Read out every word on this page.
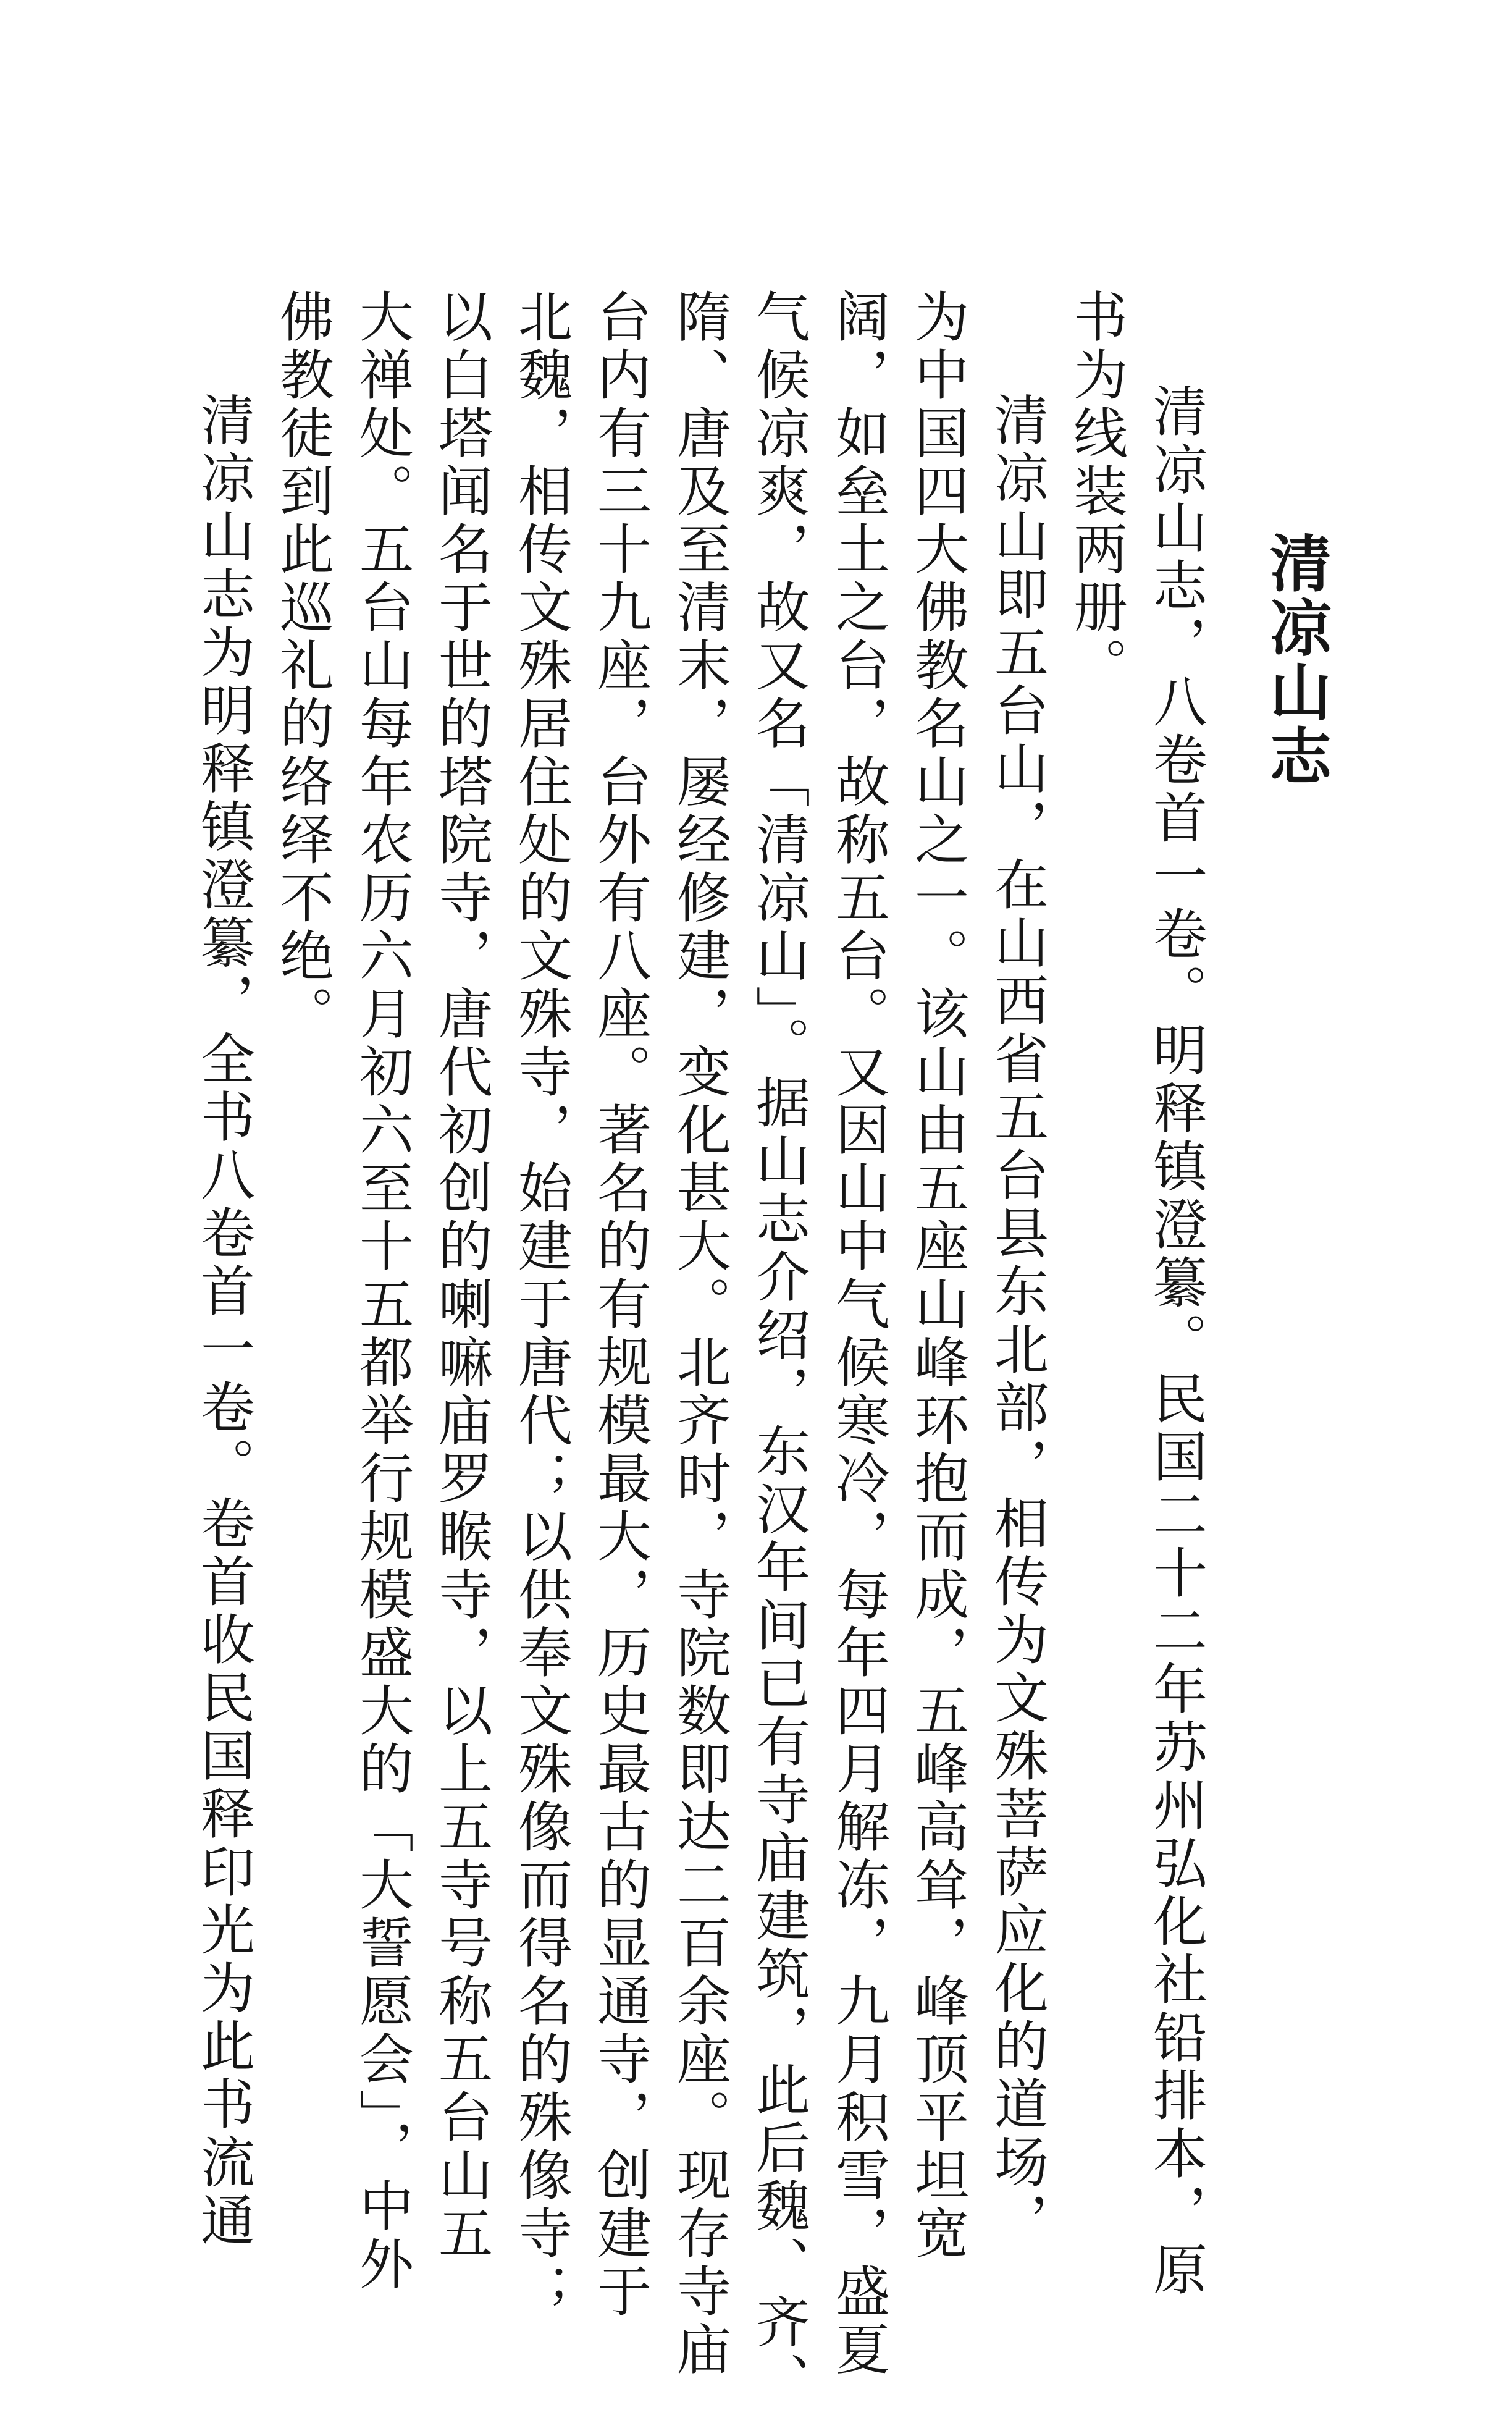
清凉山志

清凉山志，八卷首一卷。明释镇澄纂。民国二十二年苏州弘化社铅排本，原

书为线装两册。

　清凉山即五台山，在山西省五台县东北部，相传为文殊菩萨应化的道场，

为中国四大佛教名山之一。该山由五座山峰环抱而成，五峰高耸，峰顶平坦宽

阔，如垒土之台，故称五台。又因山中气候寒冷，每年四月解冻，九月积雪，盛夏

气候凉爽，故又名「清凉山」。据山志介绍，东汉年间已有寺庙建筑，此后魏、齐、

隋、唐及至清末，屡经修建，变化甚大。北齐时，寺院数即达二百余座。现存寺庙

台内有三十九座，台外有八座。著名的有规模最大，历史最古的显通寺，创建于

北魏，相传文殊居住处的文殊寺，始建于唐代；以供奉文殊像而得名的殊像寺；

以白塔闻名于世的塔院寺，唐代初创的喇嘛庙罗睺寺，以上五寺号称五台山五

大禅处。五台山每年农历六月初六至十五都举行规模盛大的「大誓愿会」，中外

佛教徒到此巡礼的络绎不绝。

　清凉山志为明释镇澄纂，全书八卷首一卷。卷首收民国释印光为此书流通
